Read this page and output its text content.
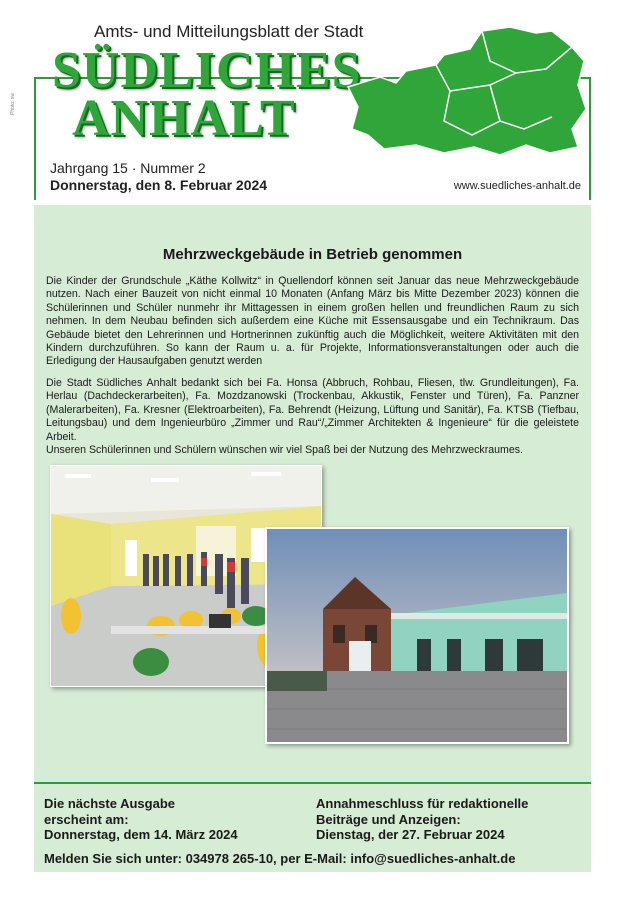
Photo: sw
Amts- und Mitteilungsblatt der Stadt
SÜDLICHES
ANHALT
Jahrgang 15 · Nummer 2
Donnerstag, den 8. Februar 2024	www.suedliches-anhalt.de
Mehrzweckgebäude in Betrieb genommen

Die Kinder der Grundschule „Käthe Kollwitz“ in Quellendorf können seit Januar das neue Mehrzweckgebäude nutzen. Nach einer Bauzeit von nicht einmal 10 Monaten (Anfang März bis Mitte Dezember 2023) können die Schülerinnen und Schüler nunmehr ihr Mittagessen in einem großen hellen und freundlichen Raum zu sich nehmen. In dem Neubau befinden sich außerdem eine Küche mit Essensausgabe und ein Technikraum. Das Gebäude bietet den Lehrerinnen und Hortnerinnen zukünftig auch die Möglichkeit, weitere Aktivitäten mit den Kindern durchzuführen. So kann der Raum u. a. für Projekte, Informationsveranstaltungen oder auch die Erledigung der Hausaufgaben genutzt werden

Die Stadt Südliches Anhalt bedankt sich bei Fa. Honsa (Abbruch, Rohbau, Fliesen, tlw. Grundleitungen), Fa. Herlau (Dachdeckerarbeiten), Fa. Mozdzanowski (Trockenbau, Akkustik, Fenster und Türen), Fa. Panzner (Malerarbeiten), Fa. Kresner (Elektroarbeiten), Fa. Behrendt (Heizung, Lüftung und Sanitär), Fa. KTSB (Tiefbau, Leitungsbau) und dem Ingenieurbüro „Zimmer und Rau“/„Zimmer Architekten & Ingenieure“ für die geleistete Arbeit.
Unseren Schülerinnen und Schülern wünschen wir viel Spaß bei der Nutzung des Mehrzweckraumes.
Die nächste Ausgabe
erscheint am:
Donnerstag, dem 14. März 2024
Annahmeschluss für redaktionelle
Beiträge und Anzeigen:
Dienstag, der 27. Februar 2024
Melden Sie sich unter: 034978 265-10, per E-Mail: info@suedliches-anhalt.de
